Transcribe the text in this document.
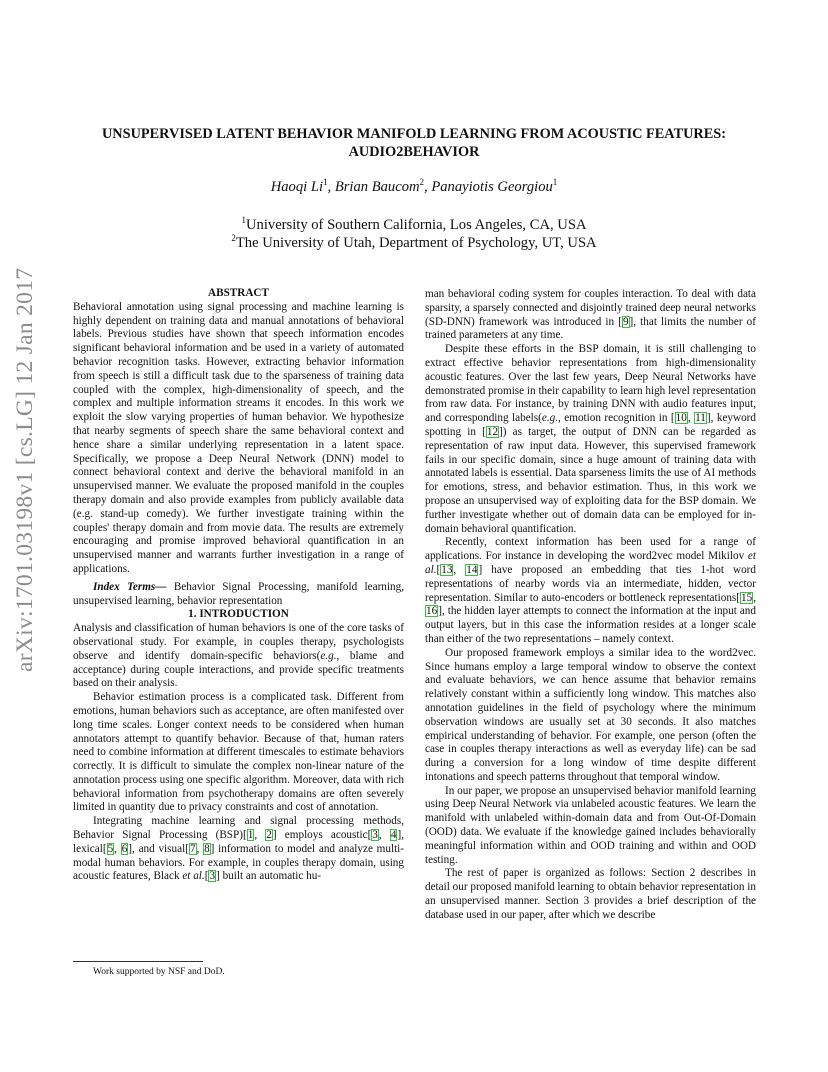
arXiv:1701.03198v1 [cs.LG] 12 Jan 2017
UNSUPERVISED LATENT BEHAVIOR MANIFOLD LEARNING FROM ACOUSTIC FEATURES: AUDIO2BEHAVIOR
Haoqi Li$^1$, Brian Baucom$^2$, Panayiotis Georgiou$^1$
$^1$University of Southern California, Los Angeles, CA, USA
$^2$The University of Utah, Department of Psychology, UT, USA

ABSTRACT

Behavioral annotation using signal processing and machine learning is highly dependent on training data and manual annotations of behavioral labels. Previous studies have shown that speech information encodes significant behavioral information and be used in a variety of automated behavior recognition tasks. However, extracting behavior information from speech is still a difficult task due to the sparseness of training data coupled with the complex, high-dimensionality of speech, and the complex and multiple information streams it encodes. In this work we exploit the slow varying properties of human behavior. We hypothesize that nearby segments of speech share the same behavioral context and hence share a similar underlying representation in a latent space. Specifically, we propose a Deep Neural Network (DNN) model to connect behavioral context and derive the behavioral manifold in an unsupervised manner. We evaluate the proposed manifold in the couples therapy domain and also provide examples from publicly available data (e.g. stand-up comedy). We further investigate training within the couples' therapy domain and from movie data. The results are extremely encouraging and promise improved behavioral quantification in an unsupervised manner and warrants further investigation in a range of applications.

Index Terms— Behavior Signal Processing, manifold learning, unsupervised learning, behavior representation

1. INTRODUCTION

Analysis and classification of human behaviors is one of the core tasks of observational study. For example, in couples therapy, psychologists observe and identify domain-specific behaviors(e.g., blame and acceptance) during couple interactions, and provide specific treatments based on their analysis.

Behavior estimation process is a complicated task. Different from emotions, human behaviors such as acceptance, are often manifested over long time scales. Longer context needs to be considered when human annotators attempt to quantify behavior. Because of that, human raters need to combine information at different timescales to estimate behaviors correctly. It is difficult to simulate the complex non-linear nature of the annotation process using one specific algorithm. Moreover, data with rich behavioral information from psychotherapy domains are often severely limited in quantity due to privacy constraints and cost of annotation.

Integrating machine learning and signal processing methods, Behavior Signal Processing (BSP)[1, 2] employs acoustic[3, 4], lexical[5, 6], and visual[7, 8] information to model and analyze multi-modal human behaviors. For example, in couples therapy domain, using acoustic features, Black et al.[3] built an automatic hu-

man behavioral coding system for couples interaction. To deal with data sparsity, a sparsely connected and disjointly trained deep neural networks (SD-DNN) framework was introduced in [9], that limits the number of trained parameters at any time.

Despite these efforts in the BSP domain, it is still challenging to extract effective behavior representations from high-dimensionality acoustic features. Over the last few years, Deep Neural Networks have demonstrated promise in their capability to learn high level representation from raw data. For instance, by training DNN with audio features input, and corresponding labels(e.g., emotion recognition in [10, 11], keyword spotting in [12]) as target, the output of DNN can be regarded as representation of raw input data. However, this supervised framework fails in our specific domain, since a huge amount of training data with annotated labels is essential. Data sparseness limits the use of AI methods for emotions, stress, and behavior estimation. Thus, in this work we propose an unsupervised way of exploiting data for the BSP domain. We further investigate whether out of domain data can be employed for in-domain behavioral quantification.

Recently, context information has been used for a range of applications. For instance in developing the word2vec model Mikilov et al.[13, 14] have proposed an embedding that ties 1-hot word representations of nearby words via an intermediate, hidden, vector representation. Similar to auto-encoders or bottleneck representations[15, 16], the hidden layer attempts to connect the information at the input and output layers, but in this case the information resides at a longer scale than either of the two representations – namely context.

Our proposed framework employs a similar idea to the word2vec. Since humans employ a large temporal window to observe the context and evaluate behaviors, we can hence assume that behavior remains relatively constant within a sufficiently long window. This matches also annotation guidelines in the field of psychology where the minimum observation windows are usually set at 30 seconds. It also matches empirical understanding of behavior. For example, one person (often the case in couples therapy interactions as well as everyday life) can be sad during a conversion for a long window of time despite different intonations and speech patterns throughout that temporal window.

In our paper, we propose an unsupervised behavior manifold learning using Deep Neural Network via unlabeled acoustic features. We learn the manifold with unlabeled within-domain data and from Out-Of-Domain (OOD) data. We evaluate if the knowledge gained includes behaviorally meaningful information within and OOD training and within and OOD testing.

The rest of paper is organized as follows: Section 2 describes in detail our proposed manifold learning to obtain behavior representation in an unsupervised manner. Section 3 provides a brief description of the database used in our paper, after which we describe

Work supported by NSF and DoD.
